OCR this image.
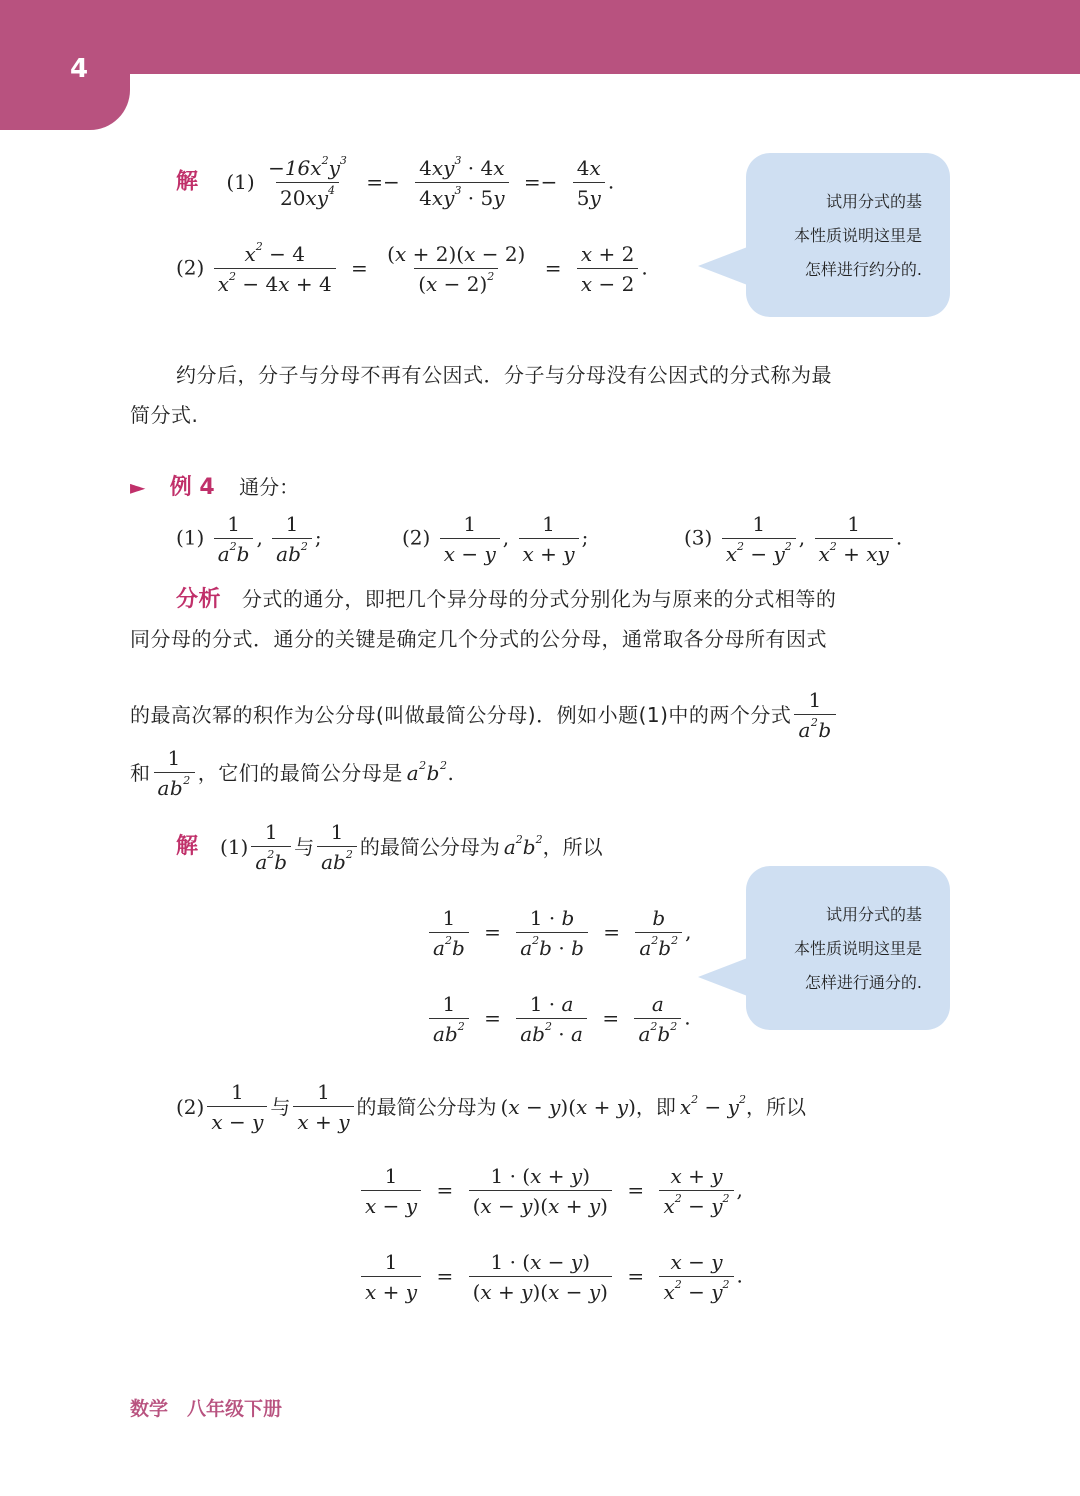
4
解 $(1) \frac{-16x^2y^3}{20xy^4} =- \frac{4xy^3 \cdot 4x}{4xy^3 \cdot 5y} =- \frac{4x}{5y}$ .
$(2) \frac{x^2 - 4}{x^2 - 4x + 4} = \frac{(x + 2)(x - 2)}{(x - 2)^2} = \frac{x + 2}{x - 2}$ .
试用分式的基
本性质说明这里是
怎样进行约分的.
约分后，分子与分母不再有公因式．分子与分母没有公因式的分式称为最
简分式.
► 例 4 通分：
$(1) \frac{1}{a^2b}$ , $\frac{1}{ab^2}$ ;	$(2) \frac{1}{x - y}$ , $\frac{1}{x + y}$ ;	$(3) \frac{1}{x^2 - y^2}$ , $\frac{1}{x^2 + xy}$ .
分析 分式的通分，即把几个异分母的分式分别化为与原来的分式相等的
同分母的分式．通分的关键是确定几个分式的公分母，通常取各分母所有因式
的最高次幂的积作为公分母(叫做最简公分母)．例如小题(1)中的两个分式 $\frac{1}{a^2b}$
和 $\frac{1}{ab^2}$ ，它们的最简公分母是 $a^2b^2$.
解 $(1) \frac{1}{a^2b}$ 与 $\frac{1}{ab^2}$ 的最简公分母为 $a^2b^2$ ，所以
$\frac{1}{a^2b} = \frac{1 \cdot b}{a^2b \cdot b} = \frac{b}{a^2b^2}$ ,
$\frac{1}{ab^2} = \frac{1 \cdot a}{ab^2 \cdot a} = \frac{a}{a^2b^2}$ .
试用分式的基
本性质说明这里是
怎样进行通分的.
$(2) \frac{1}{x - y}$ 与 $\frac{1}{x + y}$ 的最简公分母为 (x − y)(x + y) ，即 $x^2 - y^2$ ，所以
$\frac{1}{x - y} = \frac{1 \cdot (x + y)}{(x - y)(x + y)} = \frac{x + y}{x^2 - y^2}$ ,
$\frac{1}{x + y} = \frac{1 \cdot (x - y)}{(x + y)(x - y)} = \frac{x - y}{x^2 - y^2}$ .
数学　八年级下册
